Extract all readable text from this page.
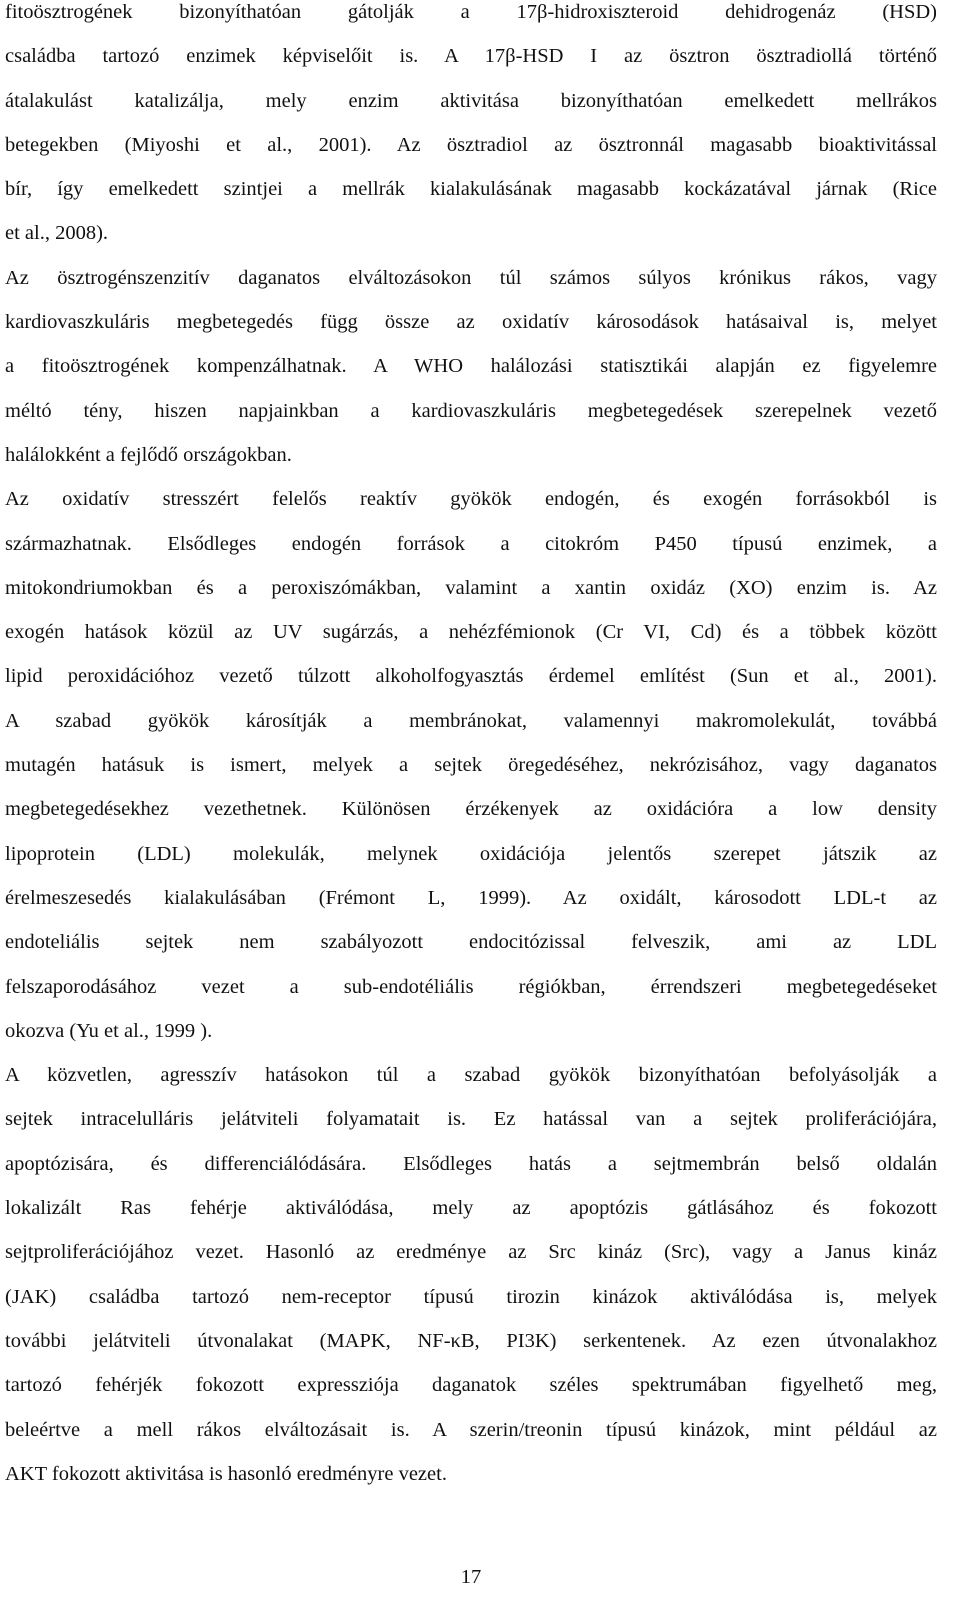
fitoösztrogének bizonyíthatóan gátolják a 17β-hidroxiszteroid dehidrogenáz (HSD)
családba tartozó enzimek képviselőit is. A 17β-HSD I az ösztron ösztradiollá történő
átalakulást katalizálja, mely enzim aktivitása bizonyíthatóan emelkedett mellrákos
betegekben (Miyoshi et al., 2001). Az ösztradiol az ösztronnál magasabb bioaktivitással
bír, így emelkedett szintjei a mellrák kialakulásának magasabb kockázatával járnak (Rice
et al., 2008).
Az ösztrogénszenzitív daganatos elváltozásokon túl számos súlyos krónikus rákos, vagy
kardiovaszkuláris megbetegedés függ össze az oxidatív károsodások hatásaival is, melyet
a fitoösztrogének kompenzálhatnak. A WHO halálozási statisztikái alapján ez figyelemre
méltó tény, hiszen napjainkban a kardiovaszkuláris megbetegedések szerepelnek vezető
halálokként a fejlődő országokban.
Az oxidatív stresszért felelős reaktív gyökök endogén, és exogén forrásokból is
származhatnak. Elsődleges endogén források a citokróm P450 típusú enzimek, a
mitokondriumokban és a peroxiszómákban, valamint a xantin oxidáz (XO) enzim is. Az
exogén hatások közül az UV sugárzás, a nehézfémionok (Cr VI, Cd) és a többek között
lipid peroxidációhoz vezető túlzott alkoholfogyasztás érdemel említést (Sun et al., 2001).
A szabad gyökök károsítják a membránokat, valamennyi makromolekulát, továbbá
mutagén hatásuk is ismert, melyek a sejtek öregedéséhez, nekrózisához, vagy daganatos
megbetegedésekhez vezethetnek. Különösen érzékenyek az oxidációra a low density
lipoprotein (LDL) molekulák, melynek oxidációja jelentős szerepet játszik az
érelmeszesedés kialakulásában (Frémont L, 1999). Az oxidált, károsodott LDL-t az
endoteliális sejtek nem szabályozott endocitózissal felveszik, ami az LDL
felszaporodásához vezet a sub-endotéliális régiókban, érrendszeri megbetegedéseket
okozva (Yu et al., 1999 ).
A közvetlen, agresszív hatásokon túl a szabad gyökök bizonyíthatóan befolyásolják a
sejtek intracelulláris jelátviteli folyamatait is. Ez hatással van a sejtek proliferációjára,
apoptózisára, és differenciálódására. Elsődleges hatás a sejtmembrán belső oldalán
lokalizált Ras fehérje aktiválódása, mely az apoptózis gátlásához és fokozott
sejtproliferációjához vezet. Hasonló az eredménye az Src kináz (Src), vagy a Janus kináz
(JAK) családba tartozó nem-receptor típusú tirozin kinázok aktiválódása is, melyek
további jelátviteli útvonalakat (MAPK, NF-κB, PI3K) serkentenek. Az ezen útvonalakhoz
tartozó fehérjék fokozott expressziója daganatok széles spektrumában figyelhető meg,
beleértve a mell rákos elváltozásait is. A szerin/treonin típusú kinázok, mint például az
AKT fokozott aktivitása is hasonló eredményre vezet.
17
